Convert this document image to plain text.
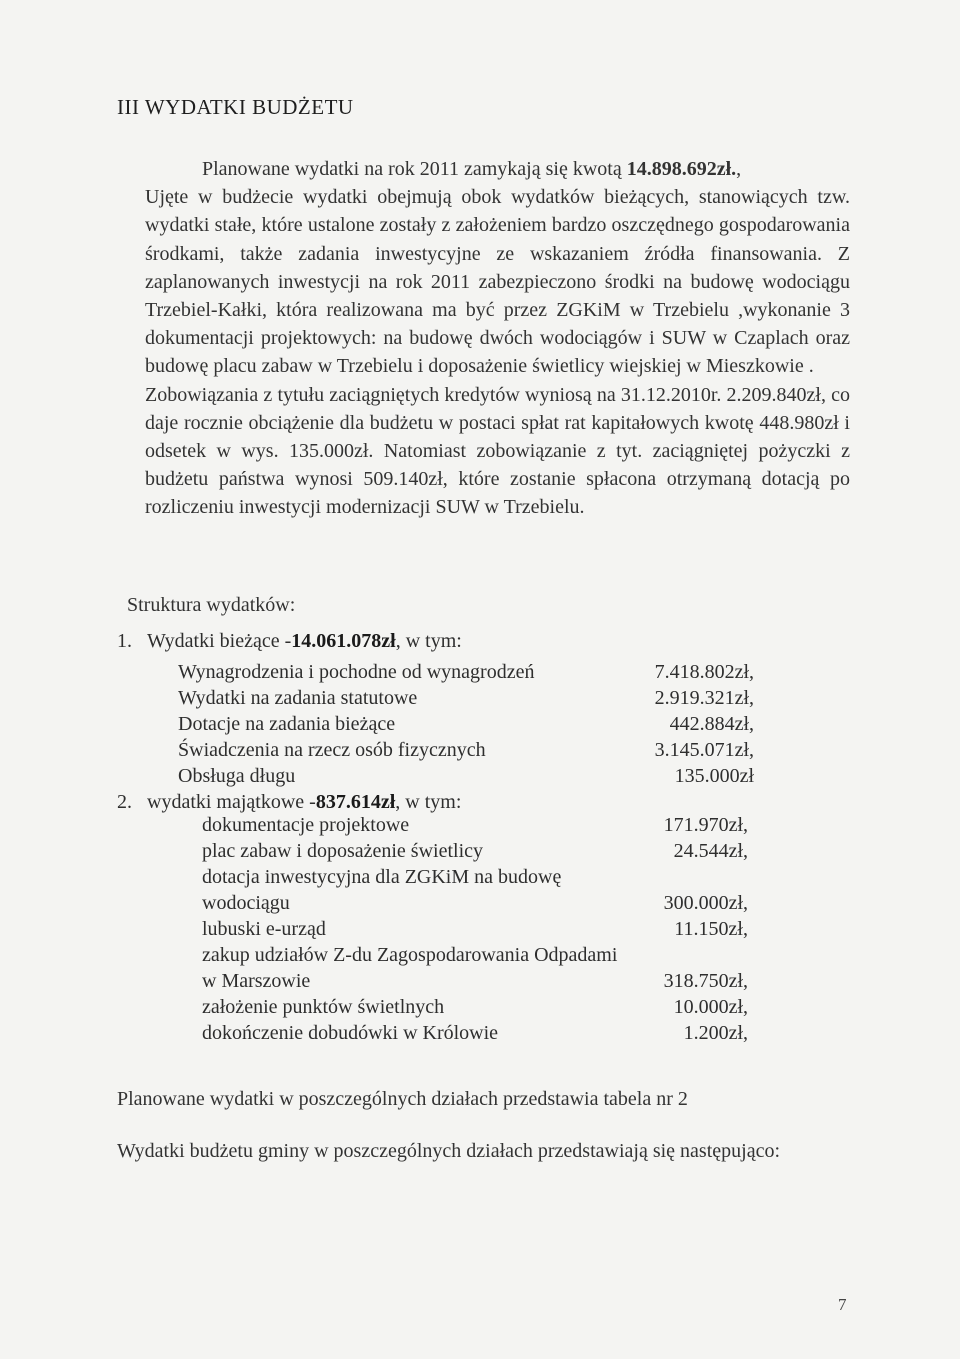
III WYDATKI BUDŻETU

Planowane wydatki na rok 2011 zamykają się kwotą 14.898.692zł.,

Ujęte w budżecie wydatki obejmują obok wydatków bieżących, stanowiących tzw. wydatki stałe, które ustalone zostały z założeniem bardzo oszczędnego gospodarowania środkami, także zadania inwestycyjne ze wskazaniem źródła finansowania. Z zaplanowanych inwestycji na rok 2011 zabezpieczono środki na budowę wodociągu Trzebiel-Kałki, która realizowana ma być przez ZGKiM w Trzebielu ,wykonanie 3 dokumentacji projektowych: na budowę dwóch wodociągów i SUW w Czaplach oraz budowę placu zabaw w Trzebielu i doposażenie świetlicy wiejskiej w Mieszkowie .

Zobowiązania z tytułu zaciągniętych kredytów wyniosą na 31.12.2010r. 2.209.840zł, co daje rocznie obciążenie dla budżetu w postaci spłat rat kapitałowych kwotę 448.980zł i odsetek w wys. 135.000zł. Natomiast zobowiązanie z tyt. zaciągniętej pożyczki z budżetu państwa wynosi 509.140zł, które zostanie spłacona otrzymaną dotacją po rozliczeniu inwestycji modernizacji SUW w Trzebielu.

Struktura wydatków:
1. Wydatki bieżące -14.061.078zł, w tym:
Wynagrodzenia i pochodne od wynagrodzeń	7.418.802zł,
Wydatki na zadania statutowe	2.919.321zł,
Dotacje na zadania bieżące	442.884zł,
Świadczenia na rzecz osób fizycznych	3.145.071zł,
Obsługa długu	135.000zł
2. wydatki majątkowe -837.614zł, w tym:
dokumentacje projektowe	171.970zł,
plac zabaw i doposażenie świetlicy	24.544zł,
dotacja inwestycyjna dla ZGKiM na budowę
wodociągu	300.000zł,
lubuski e-urząd	11.150zł,
zakup udziałów Z-du Zagospodarowania Odpadami
w Marszowie	318.750zł,
założenie punktów świetlnych	10.000zł,
dokończenie dobudówki w Królowie	1.200zł,
Planowane wydatki w poszczególnych działach przedstawia tabela nr 2
Wydatki budżetu gminy w poszczególnych działach przedstawiają się następująco:
7
